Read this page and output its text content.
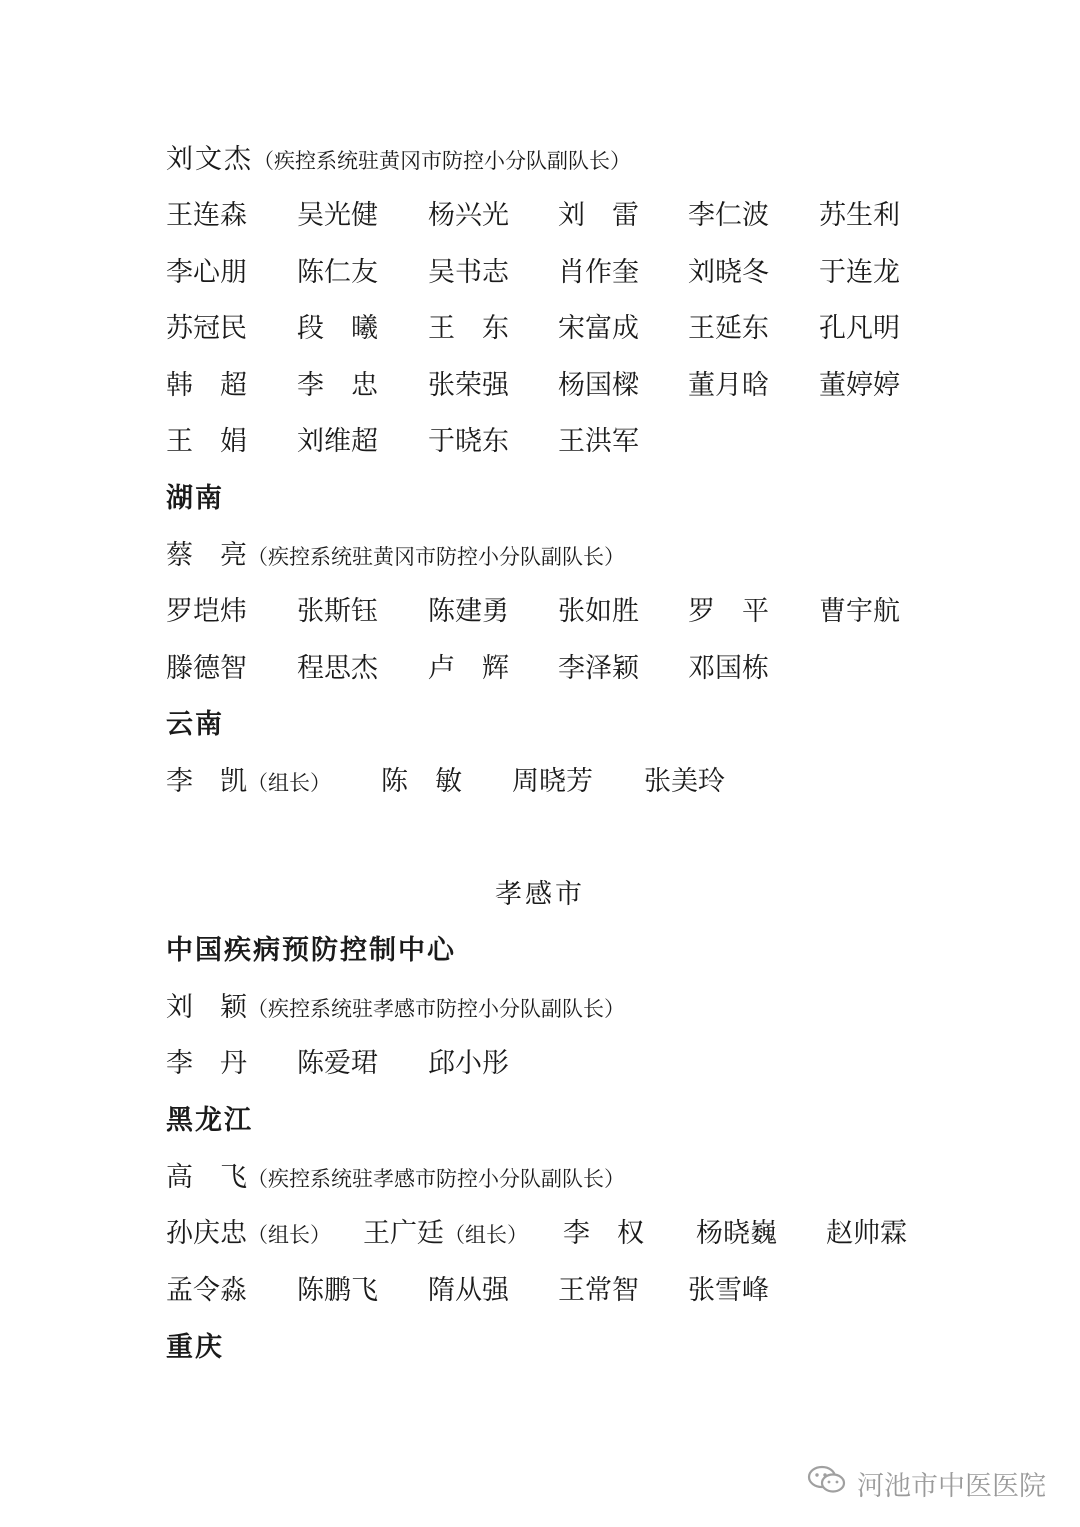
刘文杰（疾控系统驻黄冈市防控小分队副队长）
王连森 吴光健 杨兴光 刘　雷 李仁波 苏生利
李心朋 陈仁友 吴书志 肖作奎 刘晓冬 于连龙
苏冠民 段　曦 王　东 宋富成 王延东 孔凡明
韩　超 李　忠 张荣强 杨国樑 董月晗 董婷婷
王　娟 刘维超 于晓东 王洪军
湖南
蔡　亮（疾控系统驻黄冈市防控小分队副队长）
罗垲炜 张斯钰 陈建勇 张如胜 罗　平 曹宇航
滕德智 程思杰 卢　辉 李泽颖 邓国栋
云南
李　凯（组长） 陈　敏 周晓芳 张美玲
孝感市
中国疾病预防控制中心
刘　颖（疾控系统驻孝感市防控小分队副队长）
李　丹 陈爱珺 邱小彤
黑龙江
高　飞（疾控系统驻孝感市防控小分队副队长）
孙庆忠（组长） 王广廷（组长） 李　权 杨晓巍 赵帅霖
孟令淼 陈鹏飞 隋从强 王常智 张雪峰
重庆
河池市中医医院
